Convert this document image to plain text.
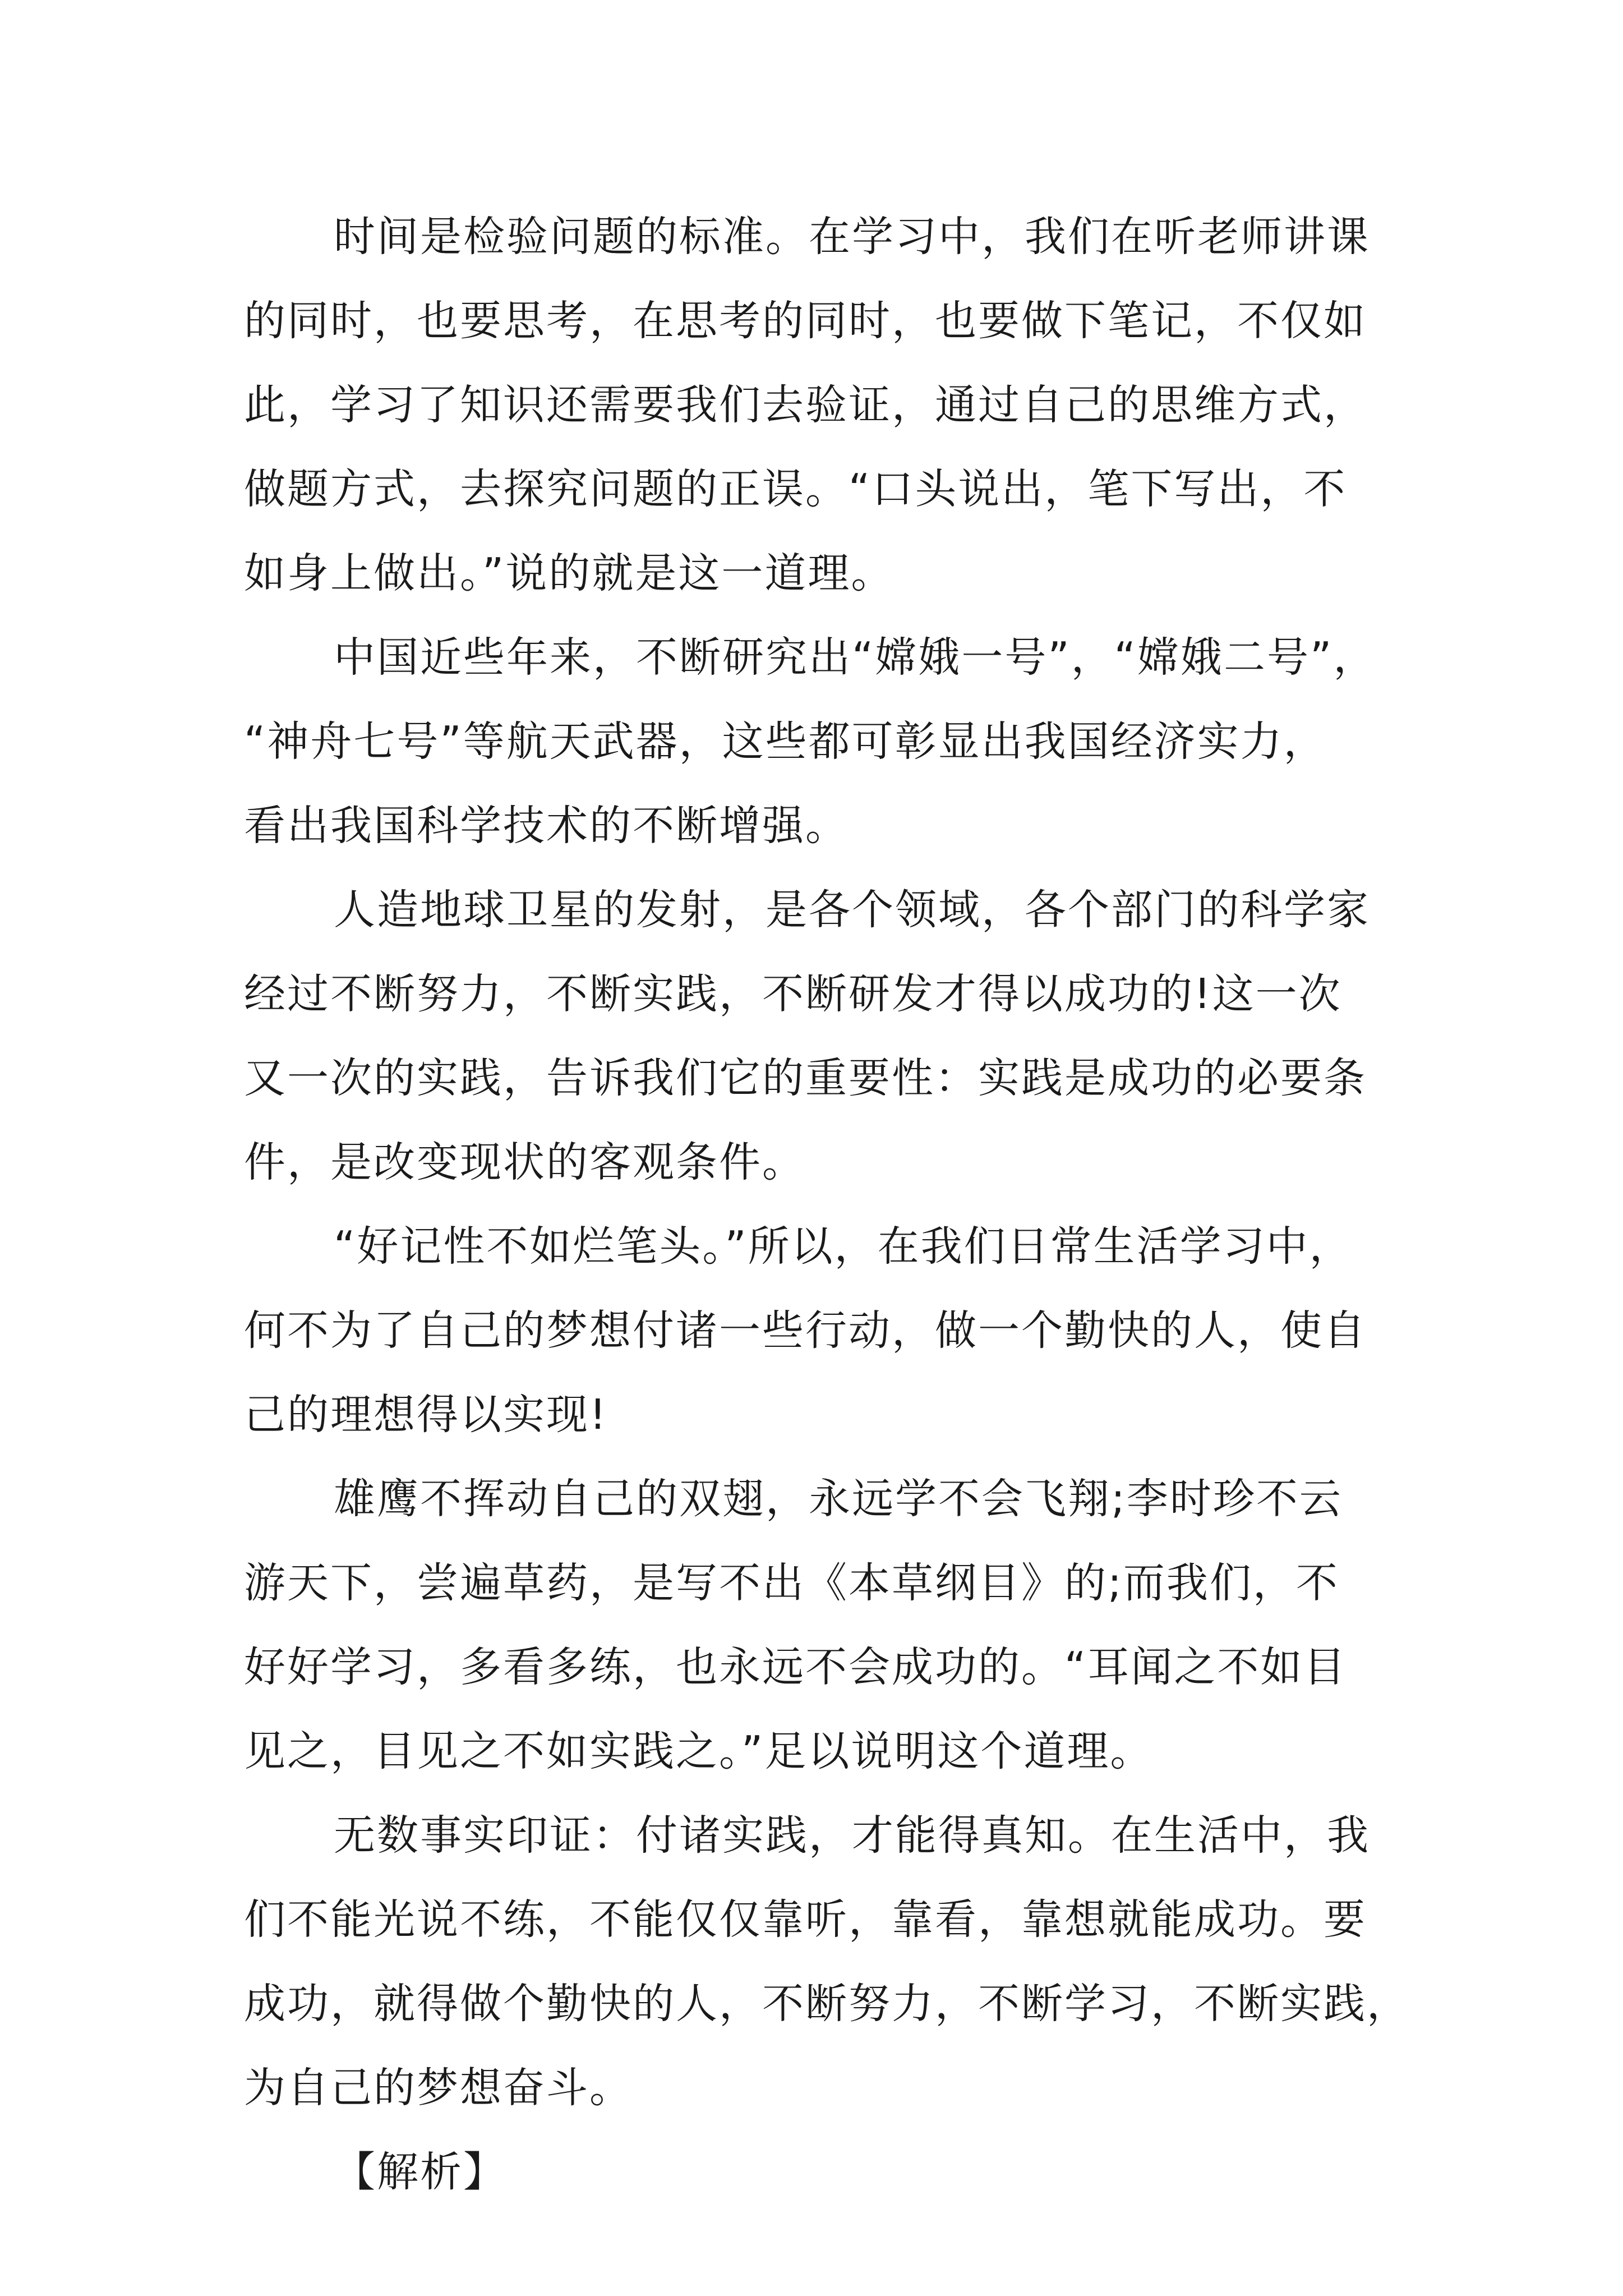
时间是检验问题的标准。在学习中，我们在听老师讲课
的同时，也要思考，在思考的同时，也要做下笔记，不仅如
此，学习了知识还需要我们去验证，通过自己的思维方式，
做题方式，去探究问题的正误。“口头说出，笔下写出，不
如身上做出。”说的就是这一道理。
中国近些年来，不断研究出“嫦娥一号”，“嫦娥二号”，
“神舟七号”等航天武器，这些都可彰显出我国经济实力，
看出我国科学技术的不断增强。
人造地球卫星的发射，是各个领域，各个部门的科学家
经过不断努力，不断实践，不断研发才得以成功的!这一次
又一次的实践，告诉我们它的重要性：实践是成功的必要条
件，是改变现状的客观条件。
“好记性不如烂笔头。”所以，在我们日常生活学习中，
何不为了自己的梦想付诸一些行动，做一个勤快的人，使自
己的理想得以实现!
雄鹰不挥动自己的双翅，永远学不会飞翔;李时珍不云
游天下，尝遍草药，是写不出《本草纲目》的;而我们，不
好好学习，多看多练，也永远不会成功的。“耳闻之不如目
见之，目见之不如实践之。”足以说明这个道理。
无数事实印证：付诸实践，才能得真知。在生活中，我
们不能光说不练，不能仅仅靠听，靠看，靠想就能成功。要
成功，就得做个勤快的人，不断努力，不断学习，不断实践，
为自己的梦想奋斗。
【解析】
